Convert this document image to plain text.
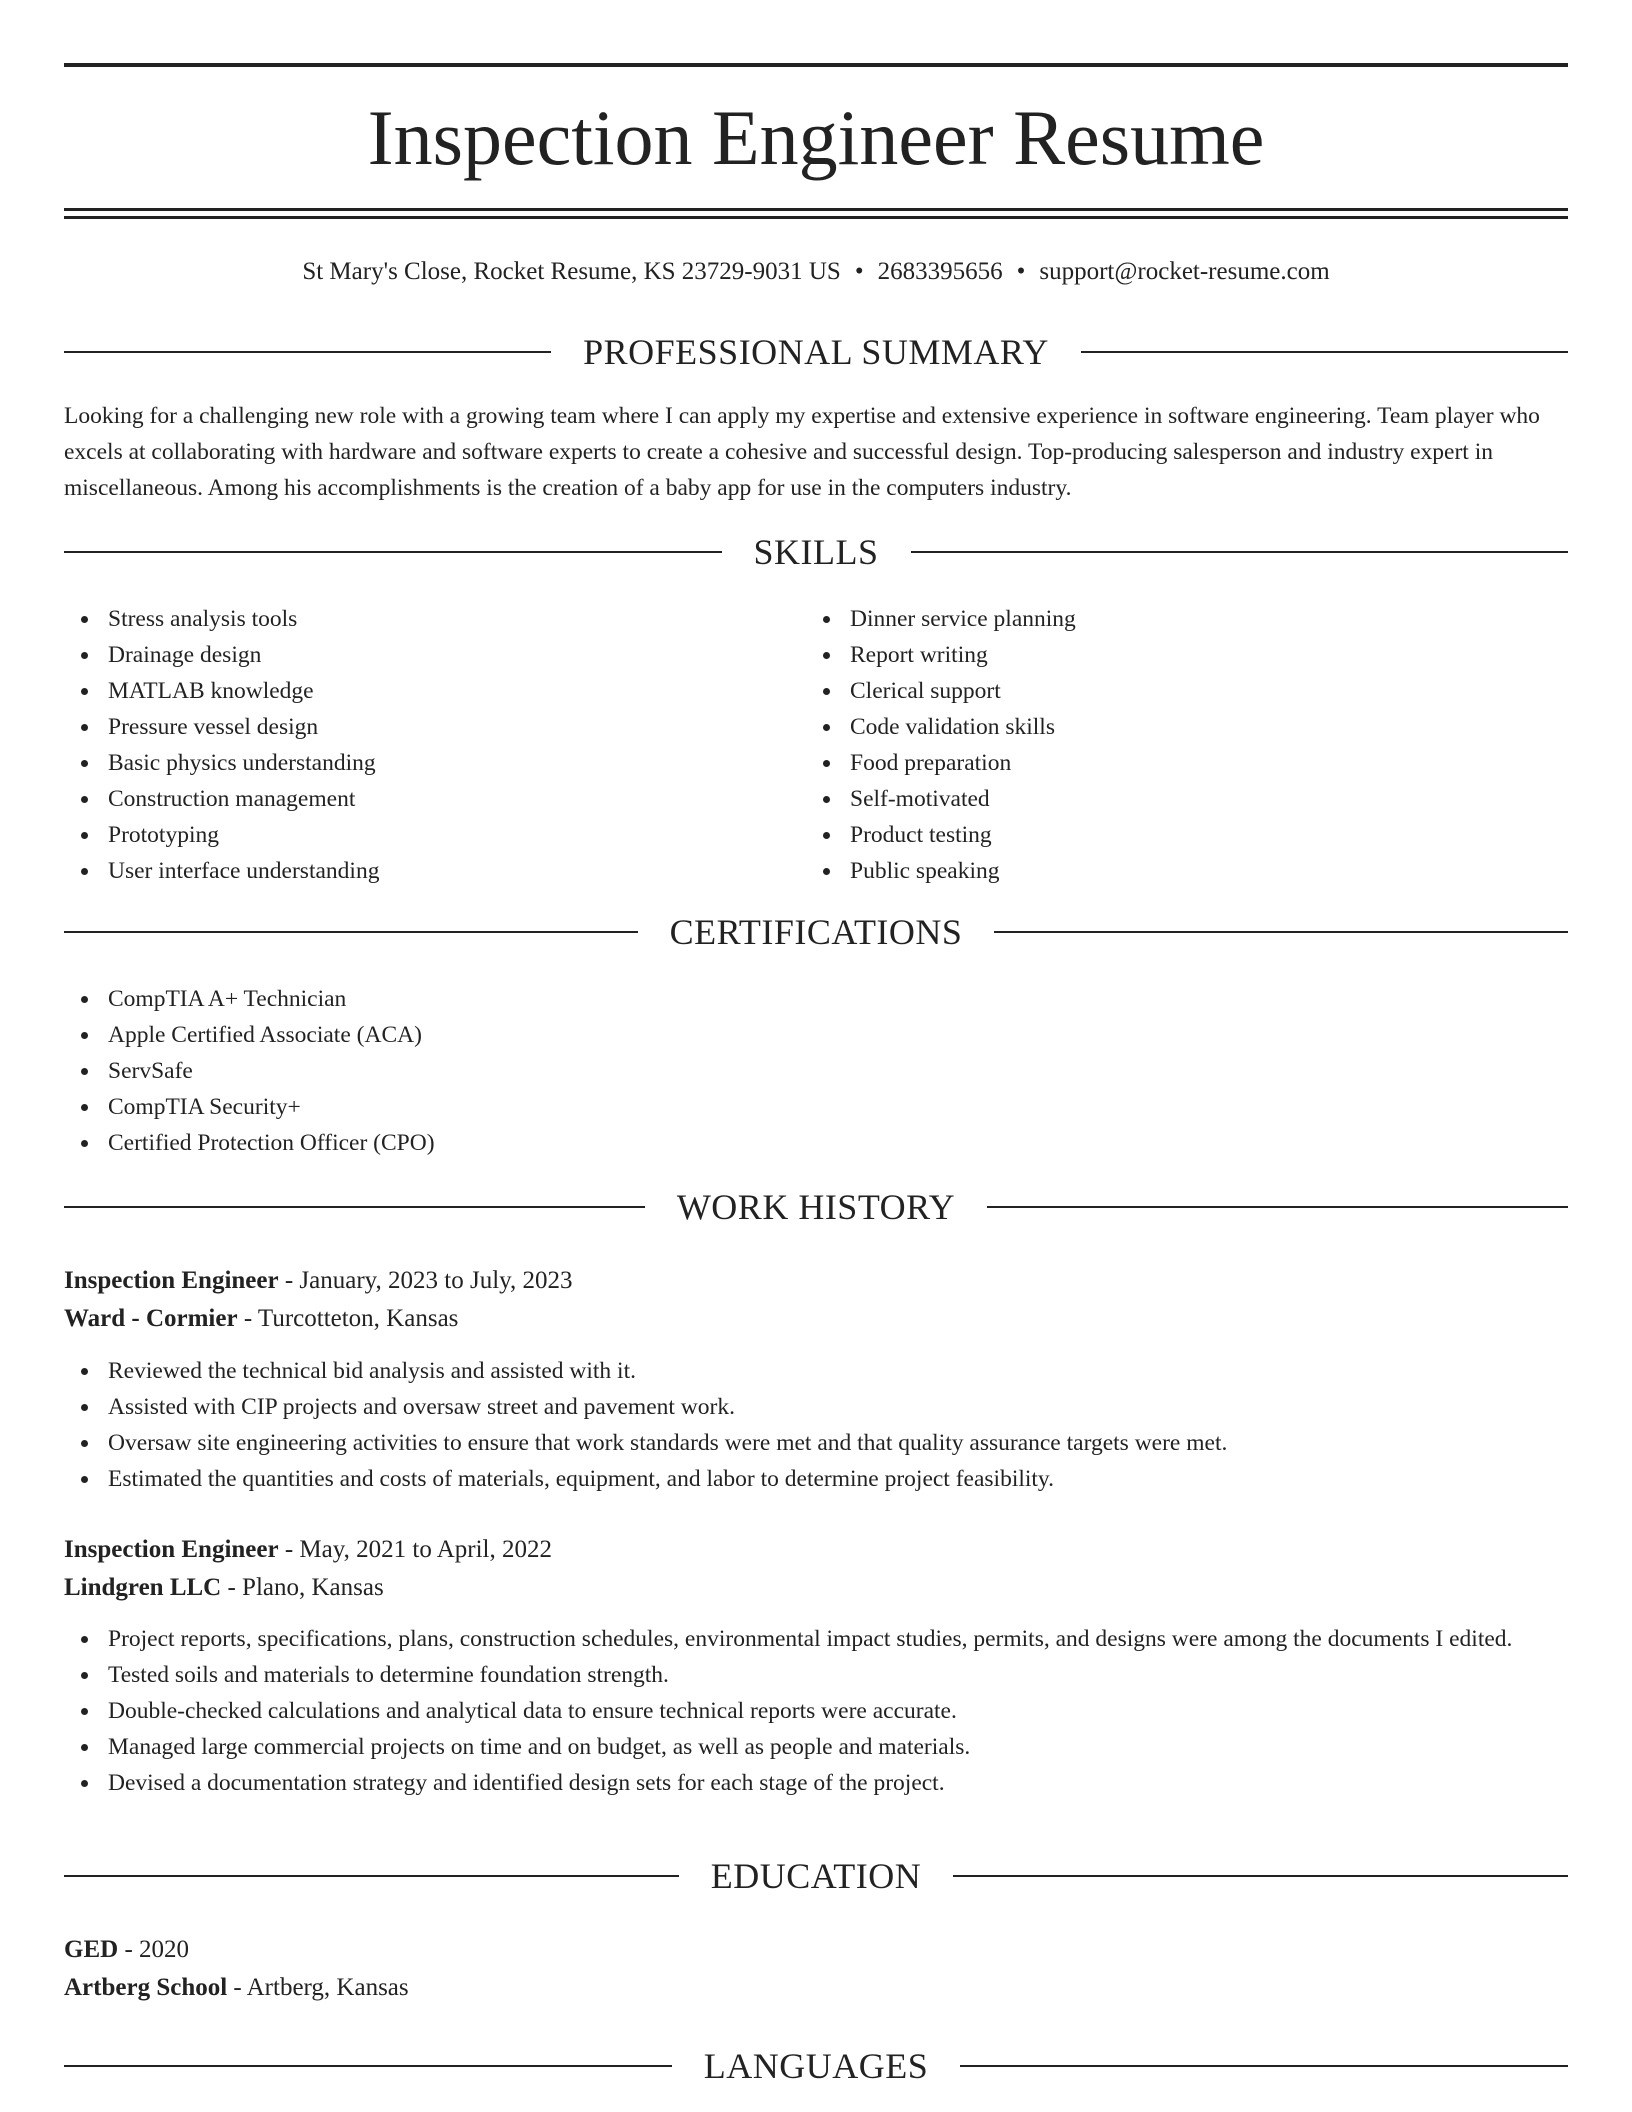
Inspection Engineer Resume
St Mary's Close, Rocket Resume, KS 23729-9031 US • 2683395656 • support@rocket-resume.com
PROFESSIONAL SUMMARY

Looking for a challenging new role with a growing team where I can apply my expertise and extensive experience in software engineering. Team player who excels at collaborating with hardware and software experts to create a cohesive and successful design. Top-producing salesperson and industry expert in miscellaneous. Among his accomplishments is the creation of a baby app for use in the computers industry.

SKILLS
Stress analysis tools
Drainage design
MATLAB knowledge
Pressure vessel design
Basic physics understanding
Construction management
Prototyping
User interface understanding
Dinner service planning
Report writing
Clerical support
Code validation skills
Food preparation
Self-motivated
Product testing
Public speaking
CERTIFICATIONS
CompTIA A+ Technician
Apple Certified Associate (ACA)
ServSafe
CompTIA Security+
Certified Protection Officer (CPO)
WORK HISTORY
Inspection Engineer - January, 2023 to July, 2023
Ward - Cormier - Turcotteton, Kansas
Reviewed the technical bid analysis and assisted with it.
Assisted with CIP projects and oversaw street and pavement work.
Oversaw site engineering activities to ensure that work standards were met and that quality assurance targets were met.
Estimated the quantities and costs of materials, equipment, and labor to determine project feasibility.
Inspection Engineer - May, 2021 to April, 2022
Lindgren LLC - Plano, Kansas
Project reports, specifications, plans, construction schedules, environmental impact studies, permits, and designs were among the documents I edited.
Tested soils and materials to determine foundation strength.
Double-checked calculations and analytical data to ensure technical reports were accurate.
Managed large commercial projects on time and on budget, as well as people and materials.
Devised a documentation strategy and identified design sets for each stage of the project.
EDUCATION
GED - 2020
Artberg School - Artberg, Kansas
LANGUAGES
